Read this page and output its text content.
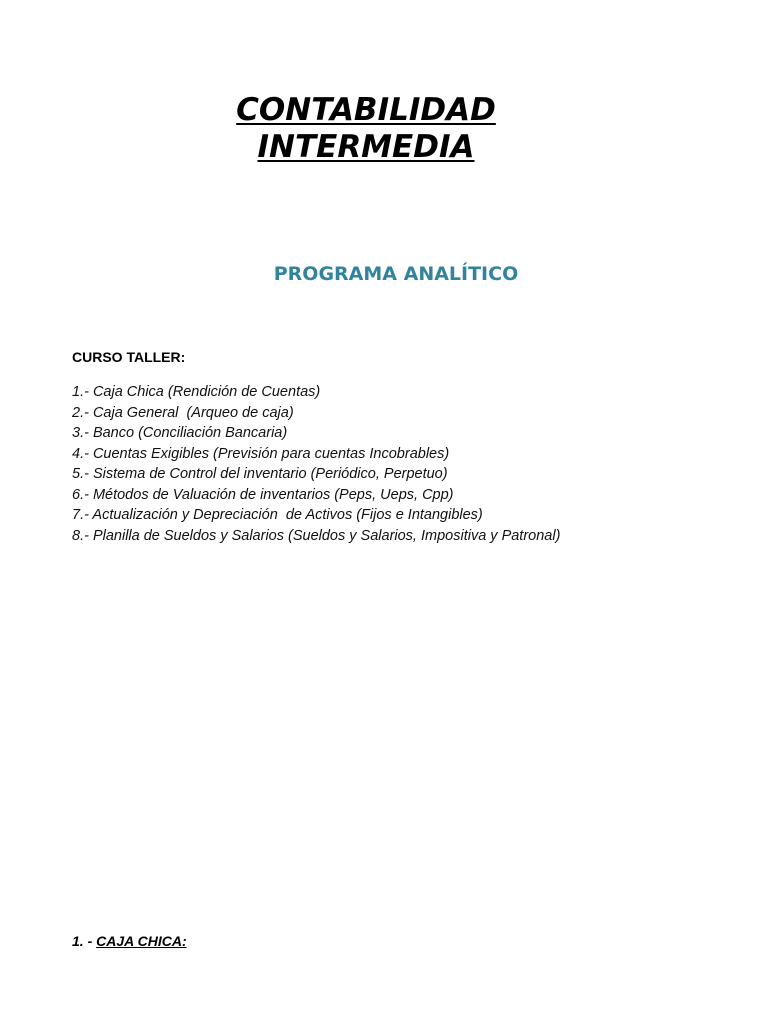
CONTABILIDAD
INTERMEDIA
PROGRAMA ANALÍTICO
CURSO TALLER:
1.- Caja Chica (Rendición de Cuentas)
2.- Caja General  (Arqueo de caja)
3.- Banco (Conciliación Bancaria)
4.- Cuentas Exigibles (Previsión para cuentas Incobrables)
5.- Sistema de Control del inventario (Periódico, Perpetuo)
6.- Métodos de Valuación de inventarios (Peps, Ueps, Cpp)
7.- Actualización y Depreciación  de Activos (Fijos e Intangibles)
8.- Planilla de Sueldos y Salarios (Sueldos y Salarios, Impositiva y Patronal)
1. - CAJA CHICA:
